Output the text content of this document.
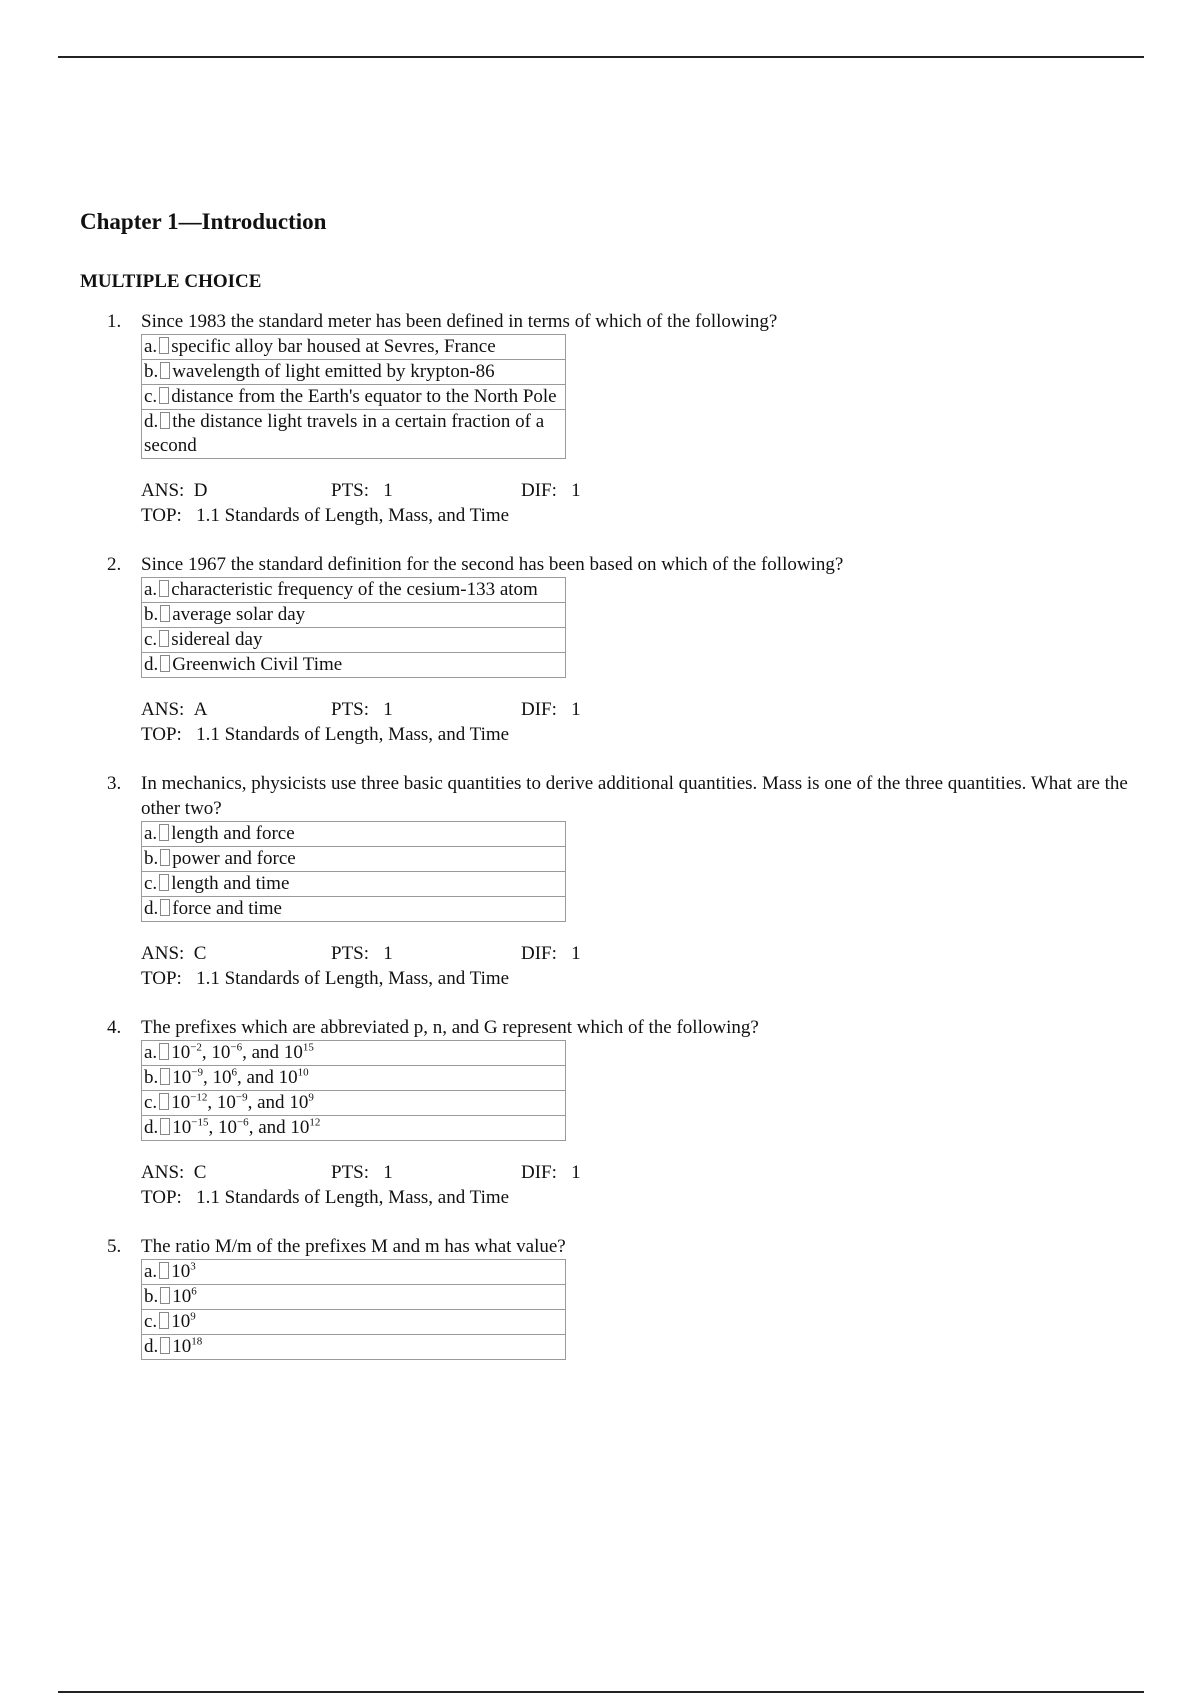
Chapter 1—Introduction
MULTIPLE CHOICE
1.	Since 1983 the standard meter has been defined in terms of which of the following?

a. specific alloy bar housed at Sevres, France
b. wavelength of light emitted by krypton-86
c. distance from the Earth's equator to the North Pole
d. the distance light travels in a certain fraction of a second
ANS: D	PTS: 1	DIF: 1
TOP: 1.1 Standards of Length, Mass, and Time
2.	Since 1967 the standard definition for the second has been based on which of the following?

a. characteristic frequency of the cesium-133 atom
b. average solar day
c. sidereal day
d. Greenwich Civil Time
ANS: A	PTS: 1	DIF: 1
TOP: 1.1 Standards of Length, Mass, and Time
3.	In mechanics, physicists use three basic quantities to derive additional quantities. Mass is one of the three quantities. What are the other two?

a. length and force
b. power and force
c. length and time
d. force and time
ANS: C	PTS: 1	DIF: 1
TOP: 1.1 Standards of Length, Mass, and Time
4.	The prefixes which are abbreviated p, n, and G represent which of the following?

a. $10^{-2}$, $10^{-6}$, and $10^{15}$
b. $10^{-9}$, $10^6$, and $10^{10}$
c. $10^{-12}$, $10^{-9}$, and $10^9$
d. $10^{-15}$, $10^{-6}$, and $10^{12}$
ANS: C	PTS: 1	DIF: 1
TOP: 1.1 Standards of Length, Mass, and Time
5.	The ratio M/m of the prefixes M and m has what value?

a. $10^3$
b. $10^6$
c. $10^9$
d. $10^{18}$
